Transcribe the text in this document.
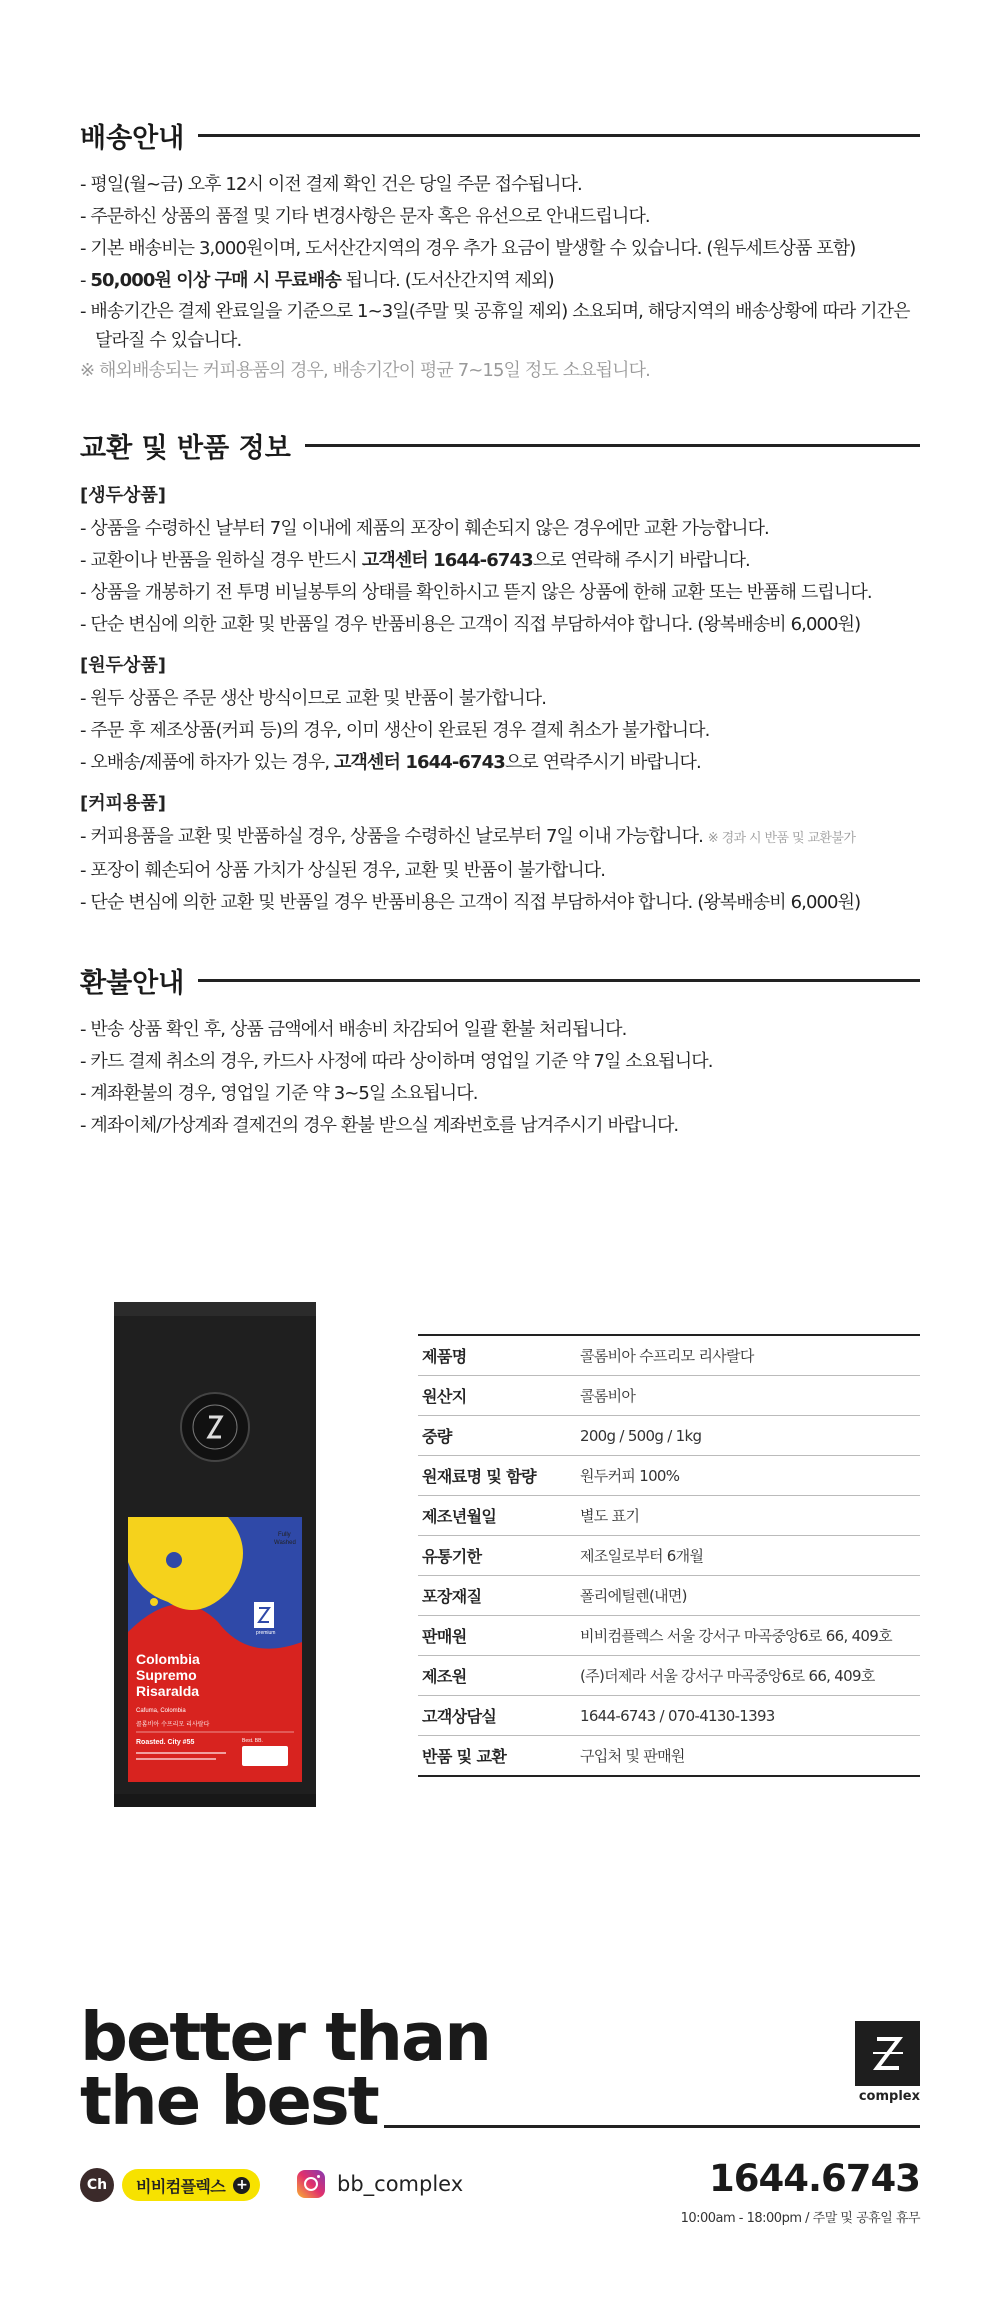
배송안내
- 평일(월~금) 오후 12시 이전 결제 확인 건은 당일 주문 접수됩니다.
- 주문하신 상품의 품절 및 기타 변경사항은 문자 혹은 유선으로 안내드립니다.
- 기본 배송비는 3,000원이며, 도서산간지역의 경우 추가 요금이 발생할 수 있습니다. (원두세트상품 포함)
- 50,000원 이상 구매 시 무료배송 됩니다. (도서산간지역 제외)
- 배송기간은 결제 완료일을 기준으로 1~3일(주말 및 공휴일 제외) 소요되며, 해당지역의 배송상황에 따라 기간은 달라질 수 있습니다.
※ 해외배송되는 커피용품의 경우, 배송기간이 평균 7~15일 정도 소요됩니다.
교환 및 반품 정보
[생두상품]
- 상품을 수령하신 날부터 7일 이내에 제품의 포장이 훼손되지 않은 경우에만 교환 가능합니다.
- 교환이나 반품을 원하실 경우 반드시 고객센터 1644-6743으로 연락해 주시기 바랍니다.
- 상품을 개봉하기 전 투명 비닐봉투의 상태를 확인하시고 뜯지 않은 상품에 한해 교환 또는 반품해 드립니다.
- 단순 변심에 의한 교환 및 반품일 경우 반품비용은 고객이 직접 부담하셔야 합니다. (왕복배송비 6,000원)
[원두상품]
- 원두 상품은 주문 생산 방식이므로 교환 및 반품이 불가합니다.
- 주문 후 제조상품(커피 등)의 경우, 이미 생산이 완료된 경우 결제 취소가 불가합니다.
- 오배송/제품에 하자가 있는 경우, 고객센터 1644-6743으로 연락주시기 바랍니다.
[커피용품]
- 커피용품을 교환 및 반품하실 경우, 상품을 수령하신 날로부터 7일 이내 가능합니다. ※ 경과 시 반품 및 교환불가
- 포장이 훼손되어 상품 가치가 상실된 경우, 교환 및 반품이 불가합니다.
- 단순 변심에 의한 교환 및 반품일 경우 반품비용은 고객이 직접 부담하셔야 합니다. (왕복배송비 6,000원)
환불안내
- 반송 상품 확인 후, 상품 금액에서 배송비 차감되어 일괄 환불 처리됩니다.
- 카드 결제 취소의 경우, 카드사 사정에 따라 상이하며 영업일 기준 약 7일 소요됩니다.
- 계좌환불의 경우, 영업일 기준 약 3~5일 소요됩니다.
- 계좌이체/가상계좌 결제건의 경우 환불 받으실 계좌번호를 남겨주시기 바랍니다.
Fully
Washed
premium
Colombia
Supremo
Risaralda
Cafuma, Colombia
콜롬비아 수프리모 리사랄다
Roasted. City #55	Best. BB.
제품명	콜롬비아 수프리모 리사랄다
원산지	콜롬비아
중량	200g / 500g / 1kg
원재료명 및 함량	원두커피 100%
제조년월일	별도 표기
유통기한	제조일로부터 6개월
포장재질	폴리에틸렌(내면)
판매원	비비컴플렉스 서울 강서구 마곡중앙6로 66, 409호
제조원	(주)더제라 서울 강서구 마곡중앙6로 66, 409호
고객상담실	1644-6743 / 070-4130-1393
반품 및 교환	구입처 및 판매원
better than
the best	complex
Ch	비비컴플렉스 +	bb_complex	1644.6743
10:00am - 18:00pm / 주말 및 공휴일 휴무
